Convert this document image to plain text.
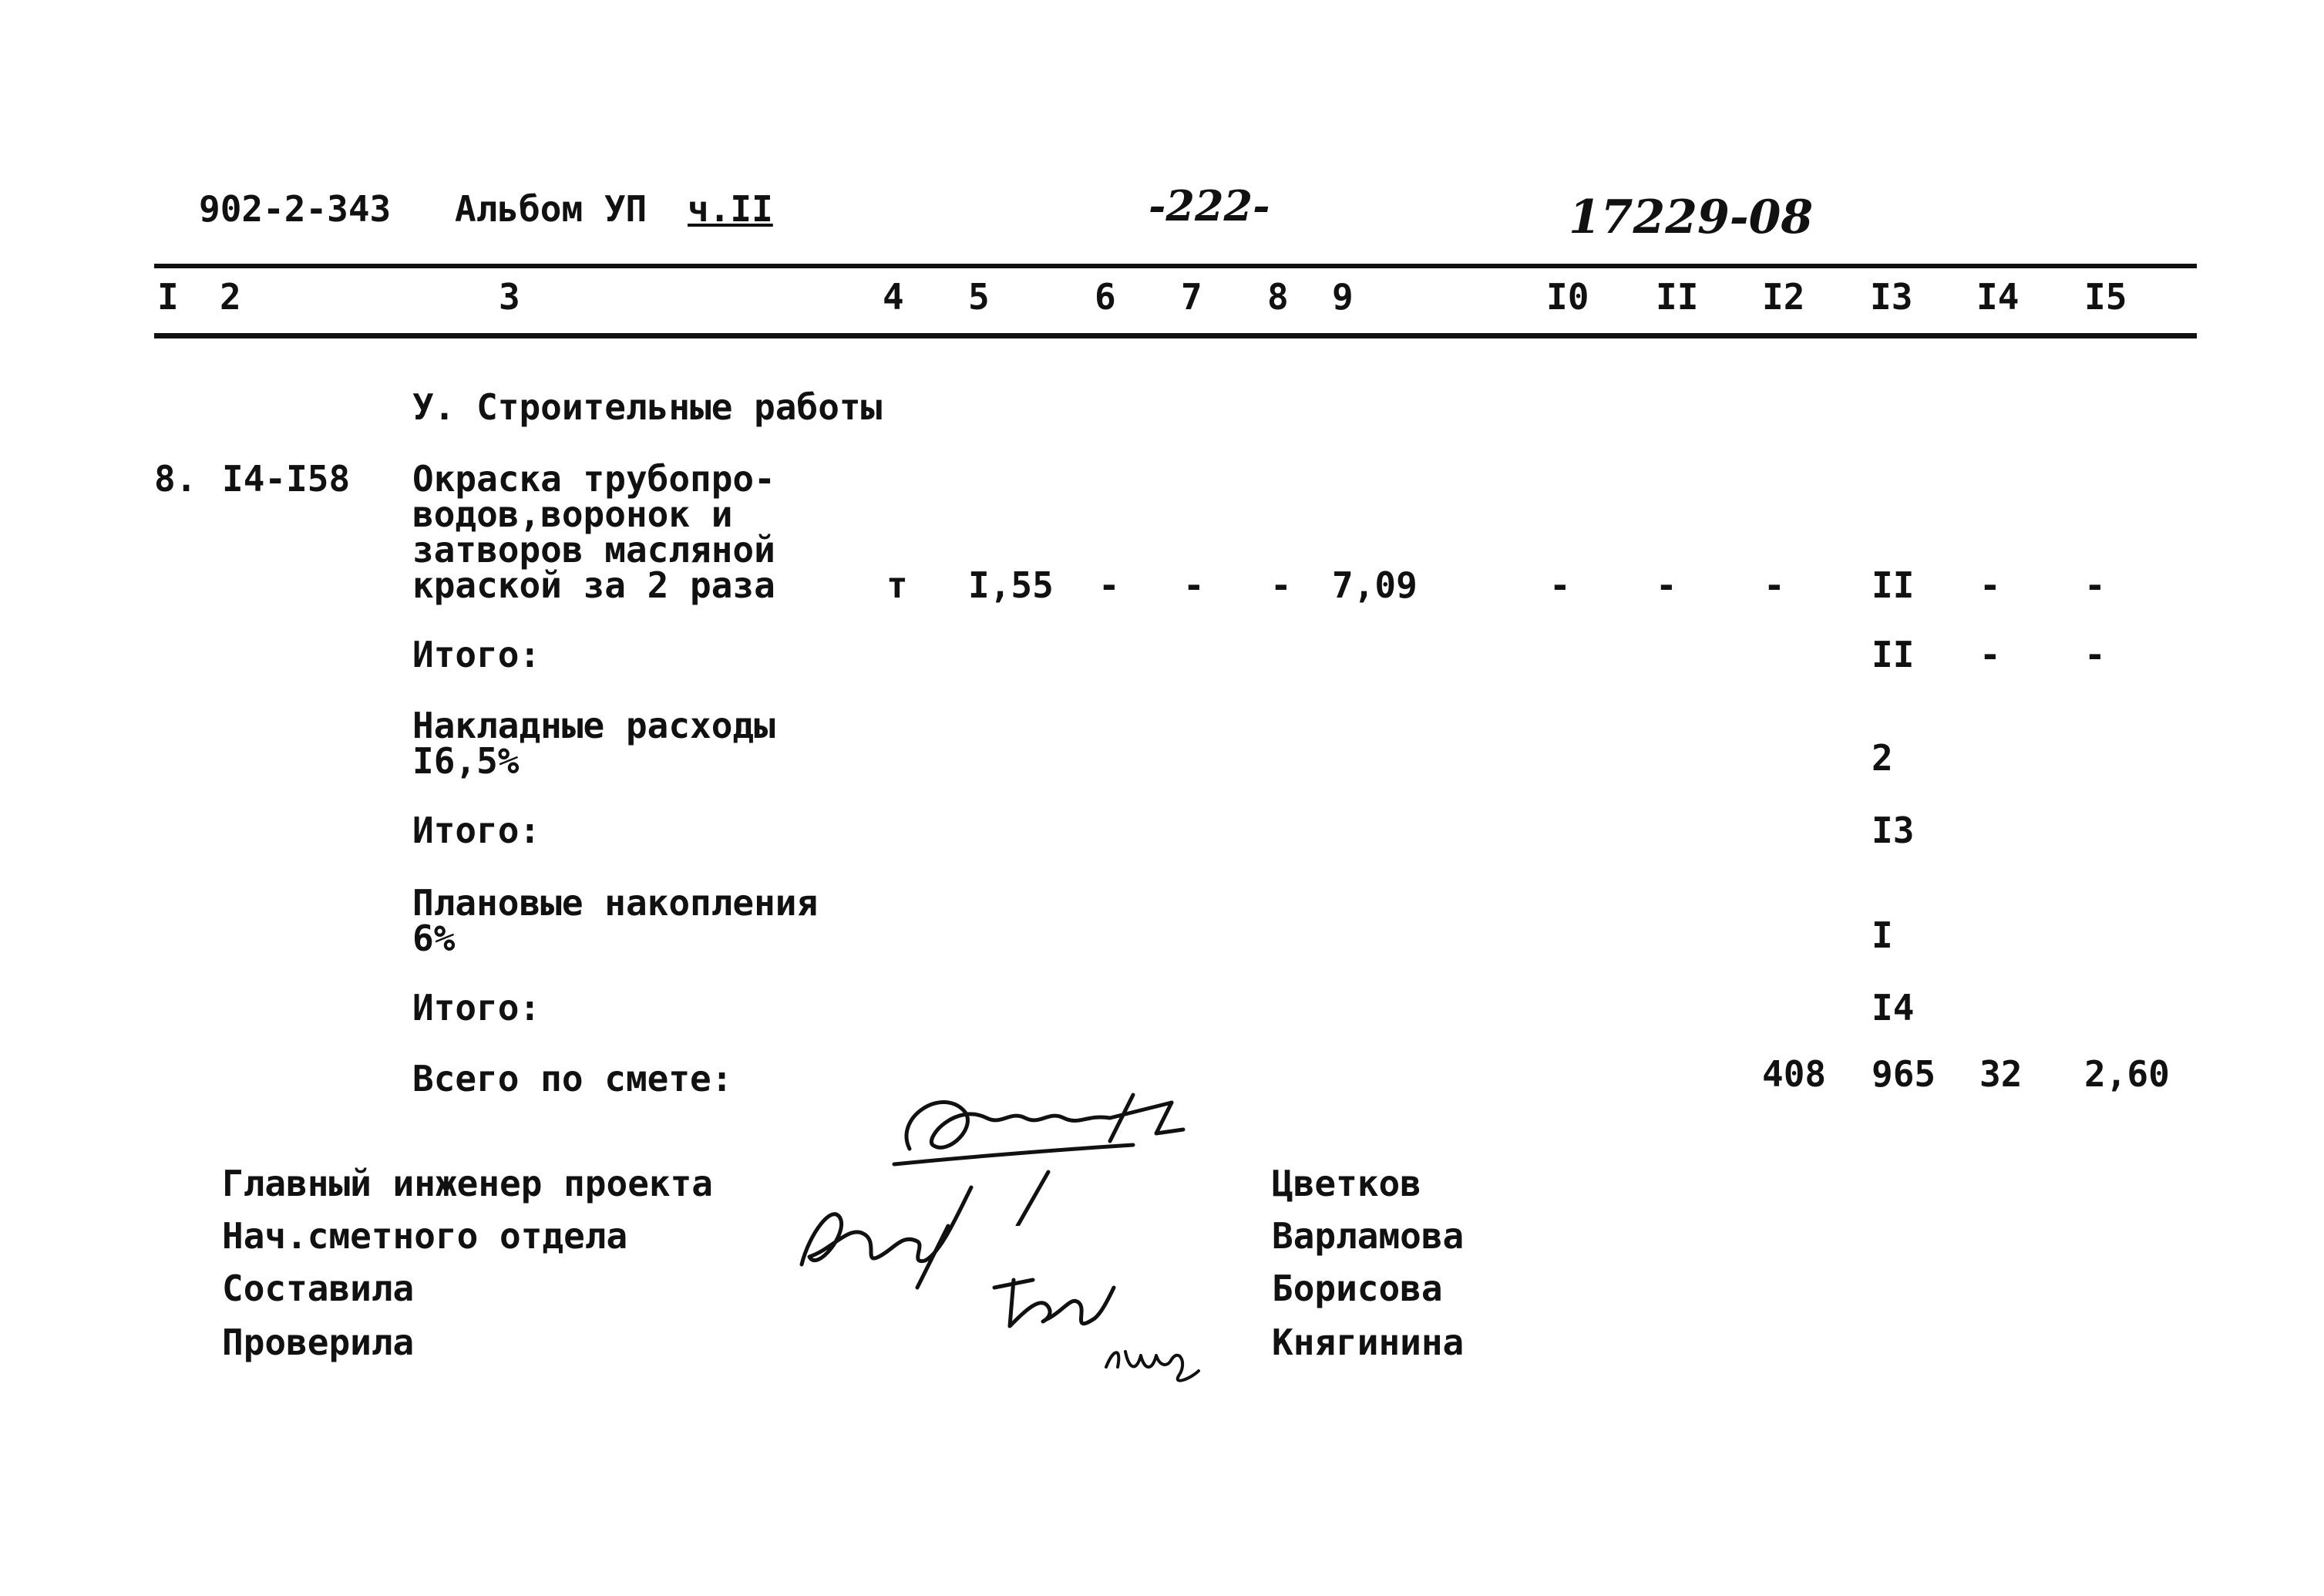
902-2-343 Альбом УП ч.II	-222-	17229-08
I 2	3	4 5	6 7 8 9	I0 II I2 I3 I4 I5
У. Строительные работы
8. I4-I58 Окраска трубопро-
водов,воронок и
затворов масляной
краской за 2 раза	т I,55 - - - 7,09	- - - II - -
Итого:	II - -
Накладные расходы
I6,5%	2
Итого:	I3
Плановые накопления
6%	I
Итого:	I4
Всего по смете:	408 965 32 2,60
Главный инженер проекта
Нач.сметного отдела
Составила
Проверила
Цветков
Варламова
Борисова
Княгинина
